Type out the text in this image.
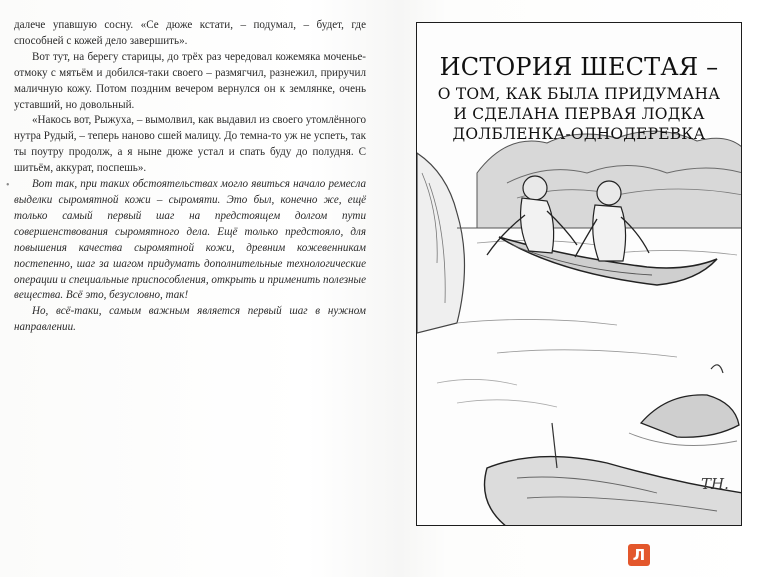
далече упавшую сосну. «Се дюже кстати, – подумал, – будет, где способней с кожей дело завершить».

Вот тут, на берегу старицы, до трёх раз чередовал кожемяка моченье-отмоку с мятьём и добился-таки своего – размягчил, разнежил, приручил маличную кожу. Потом поздним вечером вернулся он к землянке, очень уставший, но довольный.

«Накось вот, Рыжуха, – вымолвил, как выдавил из своего утомлённого нутра Рудый, – теперь наново сшей малицу. До темна-то уж не успеть, так ты поутру продолж, а я ныне дюже устал и спать буду до полудня. С шитьём, аккурат, поспешь».

Вот так, при таких обстоятельствах могло явиться начало ремесла выделки сыромятной кожи – сыромяти. Это был, конечно же, ещё только самый первый шаг на предстоящем долгом пути совершенствования сыромятного дела. Ещё только предстояло, для повышения качества сыромятной кожи, древним кожевенникам постепенно, шаг за шагом придумать дополнительные технологические операции и специальные приспособления, открыть и применить полезные вещества. Всё это, безусловно, так!

Но, всё-таки, самым важным является первый шаг в нужном направлении.

•
ИСТОРИЯ ШЕСТАЯ –
О ТОМ, КАК БЫЛА ПРИДУМАНА
И СДЕЛАНА ПЕРВАЯ ЛОДКА
ДОЛБЛЕНКА-ОДНОДЕРЕВКА
ТН.
Л
